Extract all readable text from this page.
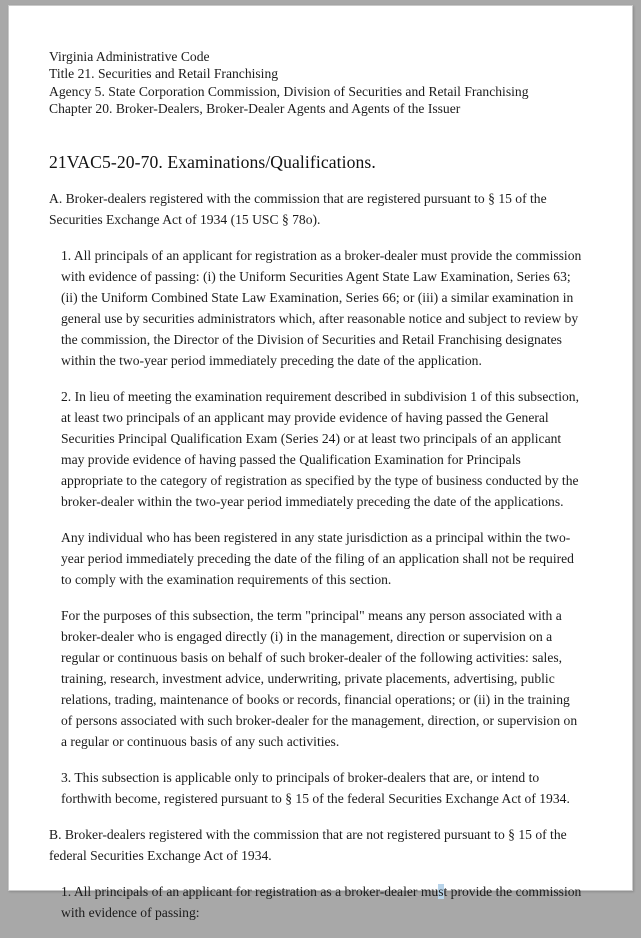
Virginia Administrative Code
Title 21. Securities and Retail Franchising
Agency 5. State Corporation Commission, Division of Securities and Retail Franchising
Chapter 20. Broker-Dealers, Broker-Dealer Agents and Agents of the Issuer
21VAC5-20-70. Examinations/Qualifications.

A. Broker-dealers registered with the commission that are registered pursuant to § 15 of the Securities Exchange Act of 1934 (15 USC § 78o).

1. All principals of an applicant for registration as a broker-dealer must provide the commission with evidence of passing: (i) the Uniform Securities Agent State Law Examination, Series 63; (ii) the Uniform Combined State Law Examination, Series 66; or (iii) a similar examination in general use by securities administrators which, after reasonable notice and subject to review by the commission, the Director of the Division of Securities and Retail Franchising designates within the two-year period immediately preceding the date of the application.

2. In lieu of meeting the examination requirement described in subdivision 1 of this subsection, at least two principals of an applicant may provide evidence of having passed the General Securities Principal Qualification Exam (Series 24) or at least two principals of an applicant may provide evidence of having passed the Qualification Examination for Principals appropriate to the category of registration as specified by the type of business conducted by the broker-dealer within the two-year period immediately preceding the date of the applications.

Any individual who has been registered in any state jurisdiction as a principal within the two-year period immediately preceding the date of the filing of an application shall not be required to comply with the examination requirements of this section.

For the purposes of this subsection, the term "principal" means any person associated with a broker-dealer who is engaged directly (i) in the management, direction or supervision on a regular or continuous basis on behalf of such broker-dealer of the following activities: sales, training, research, investment advice, underwriting, private placements, advertising, public relations, trading, maintenance of books or records, financial operations; or (ii) in the training of persons associated with such broker-dealer for the management, direction, or supervision on a regular or continuous basis of any such activities.

3. This subsection is applicable only to principals of broker-dealers that are, or intend to forthwith become, registered pursuant to § 15 of the federal Securities Exchange Act of 1934.

B. Broker-dealers registered with the commission that are not registered pursuant to § 15 of the federal Securities Exchange Act of 1934.

1. All principals of an applicant for registration as a broker-dealer must provide the commission with evidence of passing:
